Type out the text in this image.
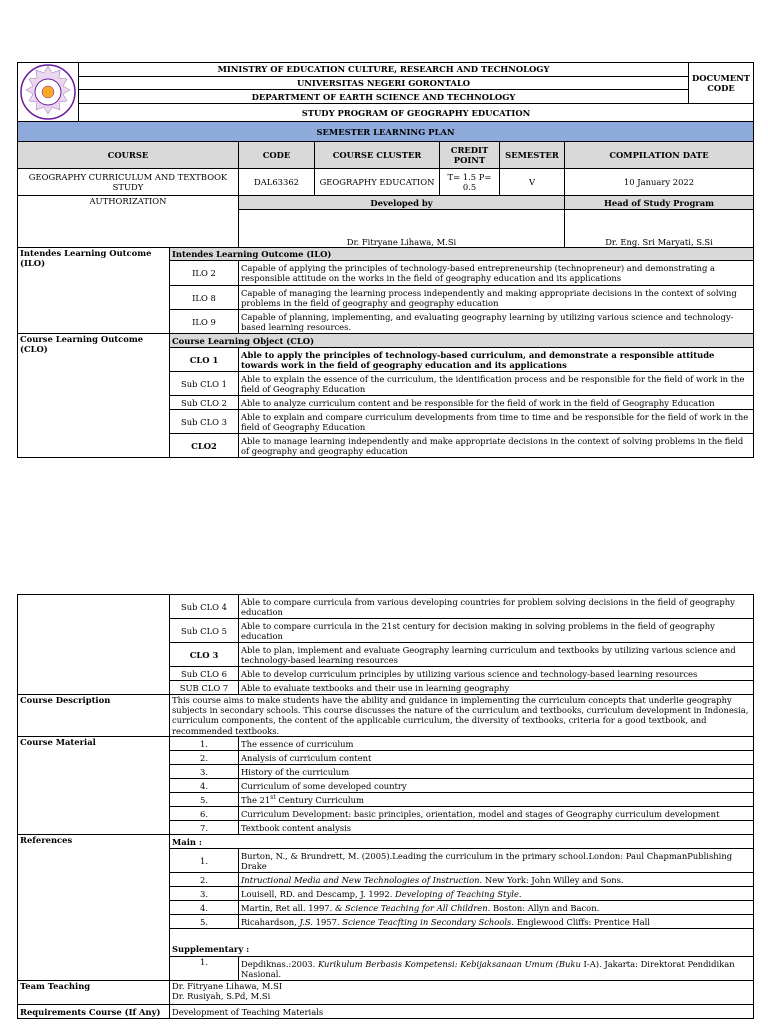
	MINISTRY OF EDUCATION CULTURE, RESEARCH AND TECHNOLOGY							DOCUMENT CODE
	UNIVERSITAS NEGERI GORONTALO							
	DEPARTMENT OF EARTH SCIENCE AND TECHNOLOGY							
	STUDY PROGRAM OF GEOGRAPHY EDUCATION							
SEMESTER LEARNING PLAN								
COURSE			CODE	COURSE CLUSTER	CREDIT POINT	SEMESTER	COMPILATION DATE	
GEOGRAPHY CURRICULUM AND TEXTBOOK STUDY			DAL63362	GEOGRAPHY EDUCATION	T= 1.5 P= 0.5	V	10 January 2022	
AUTHORIZATION			Developed by				Head of Study Program	
			Dr. Fitryane Lihawa, M.Si				Dr. Eng. Sri Maryati, S.Si	
Intendes Learning Outcome (ILO)		Intendes Learning Outcome (ILO)						
		ILO 2	Capable of applying the principles of technology-based entrepreneurship (technopreneur) and demonstrating a responsible attitude on the works in the field of geography education and its applications					
		ILO 8	Capable of managing the learning process independently and making appropriate decisions in the context of solving problems in the field of geography and geography education					
		ILO 9	Capable of planning, implementing, and evaluating geography learning by utilizing various science and technology-based learning resources.					
Course Learning Outcome (CLO)		Course Learning Object (CLO)						
		CLO 1	Able to apply the principles of technology-based curriculum, and demonstrate a responsible attitude towards work in the field of geography education and its applications					
		Sub CLO 1	Able to explain the essence of the curriculum, the identification process and be responsible for the field of work in the field of Geography Education					
		Sub CLO 2	Able to analyze curriculum content and be responsible for the field of work in the field of Geography Education					
		Sub CLO 3	Able to explain and compare curriculum developments from time to time and be responsible for the field of work in the field of Geography Education					
		CLO2	Able to manage learning independently and make appropriate decisions in the context of solving problems in the field of geography and geography education					
	Sub CLO 4	Able to compare curricula from various developing countries for problem solving decisions in the field of geography education
	Sub CLO 5	Able to compare curricula in the 21st century for decision making in solving problems in the field of geography education
	CLO 3	Able to plan, implement and evaluate Geography learning curriculum and textbooks by utilizing various science and technology-based learning resources
	Sub CLO 6	Able to develop curriculum principles by utilizing various science and technology-based learning resources
	SUB CLO 7	Able to evaluate textbooks and their use in learning geography
Course Description	This course aims to make students have the ability and guidance in implementing the curriculum concepts that underlie geography subjects in secondary schools. This course discusses the nature of the curriculum and textbooks, curriculum development in Indonesia, curriculum components, the content of the applicable curriculum, the diversity of textbooks, criteria for a good textbook, and recommended textbooks.	
Course Material	1.	The essence of curriculum
	2.	Analysis of curriculum content
	3.	History of the curriculum
	4.	Curriculum of some developed country
	5.	The 21st Century Curriculum
	6.	Curriculum Development: basic principles, orientation, model and stages of Geography curriculum development
	7.	Textbook content analysis
References	Main :	
	1.	Burton, N., & Brundrett, M. (2005).Leading the curriculum in the primary school.London: Paul ChapmanPublishing Drake
	2.	Intructional Media and New Technologies of Instruction. New York: John Willey and Sons.
	3.	Louisell, RD. and Descamp, J. 1992. Developing of Teaching Style.
	4.	Martin, Ret all. 1997. & Science Teaching for All Children. Boston: Allyn and Bacon.
	5.	Ricahardson, J.S. 1957. Science Teacfting in Secondary Schools. Englewood Cliffs: Prentice Hall

	Supplementary :	
	1.	Depdiknas.:2003. Kurikulum Berbasis Kompetensi: Kebijaksanaan Umum (Buku I-A). Jakarta: Direktorat Pendidikan Nasional.
Team Teaching	Dr. Fitryane Lihawa, M.SI
Dr. Rusiyah, S.Pd, M.Si	

Requirements Course (If Any)	Development of Teaching Materials	
